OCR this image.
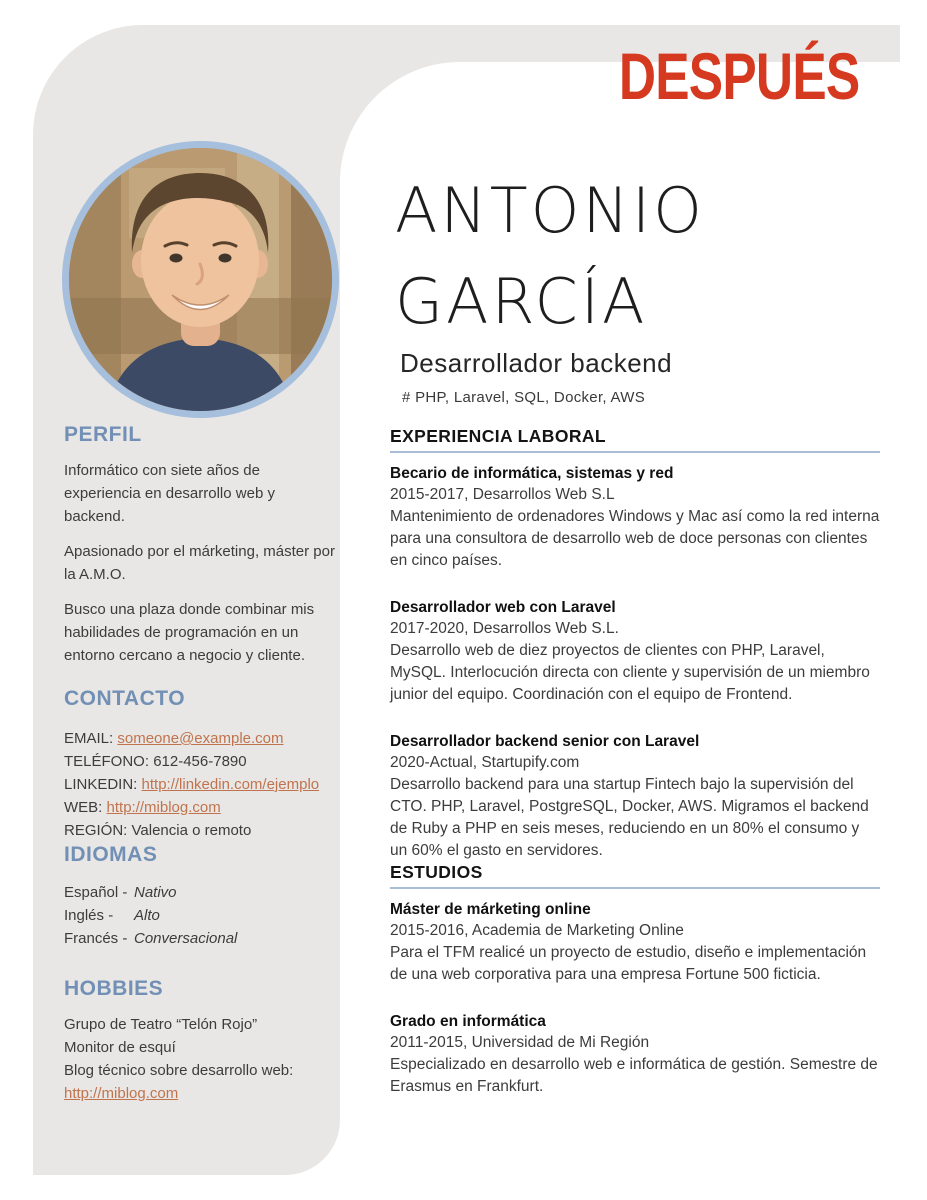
DESPUÉS
ANTONIO
GARCÍA
Desarrollador backend
# PHP, Laravel, SQL, Docker, AWS
PERFIL

Informático con siete años de experiencia en desarrollo web y backend.

Apasionado por el márketing, máster por la A.M.O.

Busco una plaza donde combinar mis habilidades de programación en un entorno cercano a negocio y cliente.

CONTACTO
EMAIL: someone@example.com
TELÉFONO: 612-456-7890
LINKEDIN: http://linkedin.com/ejemplo
WEB: http://miblog.com
REGIÓN: Valencia o remoto
IDIOMAS
Español - Nativo
Inglés - Alto
Francés - Conversacional
HOBBIES
Grupo de Teatro “Telón Rojo”
Monitor de esquí
Blog técnico sobre desarrollo web:
http://miblog.com
EXPERIENCIA LABORAL
Becario de informática, sistemas y red
2015-2017, Desarrollos Web S.L
Mantenimiento de ordenadores Windows y Mac así como la red interna para una consultora de desarrollo web de doce personas con clientes en cinco países.
Desarrollador web con Laravel
2017-2020, Desarrollos Web S.L.
Desarrollo web de diez proyectos de clientes con PHP, Laravel, MySQL. Interlocución directa con cliente y supervisión de un miembro junior del equipo. Coordinación con el equipo de Frontend.
Desarrollador backend senior con Laravel
2020-Actual, Startupify.com
Desarrollo backend para una startup Fintech bajo la supervisión del CTO. PHP, Laravel, PostgreSQL, Docker, AWS. Migramos el backend de Ruby a PHP en seis meses, reduciendo en un 80% el consumo y un 60% el gasto en servidores.
ESTUDIOS
Máster de márketing online
2015-2016, Academia de Marketing Online
Para el TFM realicé un proyecto de estudio, diseño e implementación de una web corporativa para una empresa Fortune 500 ficticia.
Grado en informática
2011-2015, Universidad de Mi Región
Especializado en desarrollo web e informática de gestión. Semestre de Erasmus en Frankfurt.
